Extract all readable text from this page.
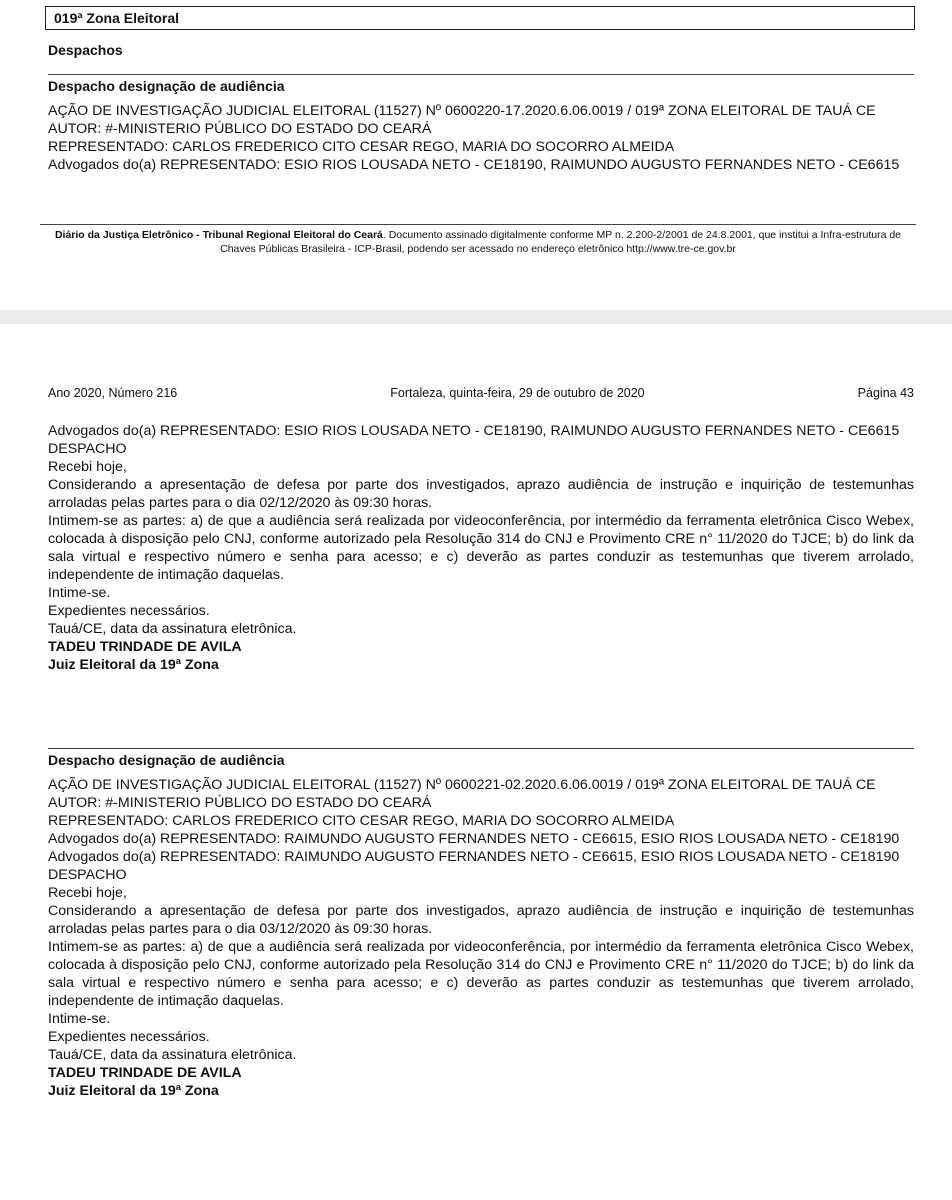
019ª Zona Eleitoral
Despachos
Despacho designação de audiência

AÇÃO DE INVESTIGAÇÃO JUDICIAL ELEITORAL (11527) Nº 0600220-17.2020.6.06.0019 / 019ª ZONA ELEITORAL DE TAUÁ CE

AUTOR: #-MINISTERIO PÚBLICO DO ESTADO DO CEARÁ

REPRESENTADO: CARLOS FREDERICO CITO CESAR REGO, MARIA DO SOCORRO ALMEIDA

Advogados do(a) REPRESENTADO: ESIO RIOS LOUSADA NETO - CE18190, RAIMUNDO AUGUSTO FERNANDES NETO - CE6615

Diário da Justiça Eletrônico - Tribunal Regional Eleitoral do Ceará. Documento assinado digitalmente conforme MP n. 2.200-2/2001 de 24.8.2001, que institui a Infra-estrutura de Chaves Públicas Brasileira - ICP-Brasil, podendo ser acessado no endereço eletrônico http://www.tre-ce.gov.br
Ano 2020, Número 216	Fortaleza, quinta-feira, 29 de outubro de 2020	Página 43

Advogados do(a) REPRESENTADO: ESIO RIOS LOUSADA NETO - CE18190, RAIMUNDO AUGUSTO FERNANDES NETO - CE6615

DESPACHO

Recebi hoje,

Considerando a apresentação de defesa por parte dos investigados, aprazo audiência de instrução e inquirição de testemunhas arroladas pelas partes para o dia 02/12/2020 às 09:30 horas.

Intimem-se as partes: a) de que a audiência será realizada por videoconferência, por intermédio da ferramenta eletrônica Cisco Webex, colocada à disposição pelo CNJ, conforme autorizado pela Resolução 314 do CNJ e Provimento CRE n° 11/2020 do TJCE; b) do link da sala virtual e respectivo número e senha para acesso; e c) deverão as partes conduzir as testemunhas que tiverem arrolado, independente de intimação daquelas.

Intime-se.

Expedientes necessários.

Tauá/CE, data da assinatura eletrônica.

TADEU TRINDADE DE AVILA

Juiz Eleitoral da 19ª Zona

Despacho designação de audiência

AÇÃO DE INVESTIGAÇÃO JUDICIAL ELEITORAL (11527) Nº 0600221-02.2020.6.06.0019 / 019ª ZONA ELEITORAL DE TAUÁ CE

AUTOR: #-MINISTERIO PÚBLICO DO ESTADO DO CEARÁ

REPRESENTADO: CARLOS FREDERICO CITO CESAR REGO, MARIA DO SOCORRO ALMEIDA

Advogados do(a) REPRESENTADO: RAIMUNDO AUGUSTO FERNANDES NETO - CE6615, ESIO RIOS LOUSADA NETO - CE18190

Advogados do(a) REPRESENTADO: RAIMUNDO AUGUSTO FERNANDES NETO - CE6615, ESIO RIOS LOUSADA NETO - CE18190

DESPACHO

Recebi hoje,

Considerando a apresentação de defesa por parte dos investigados, aprazo audiência de instrução e inquirição de testemunhas arroladas pelas partes para o dia 03/12/2020 às 09:30 horas.

Intimem-se as partes: a) de que a audiência será realizada por videoconferência, por intermédio da ferramenta eletrônica Cisco Webex, colocada à disposição pelo CNJ, conforme autorizado pela Resolução 314 do CNJ e Provimento CRE n° 11/2020 do TJCE; b) do link da sala virtual e respectivo número e senha para acesso; e c) deverão as partes conduzir as testemunhas que tiverem arrolado, independente de intimação daquelas.

Intime-se.

Expedientes necessários.

Tauá/CE, data da assinatura eletrônica.

TADEU TRINDADE DE AVILA

Juiz Eleitoral da 19ª Zona
